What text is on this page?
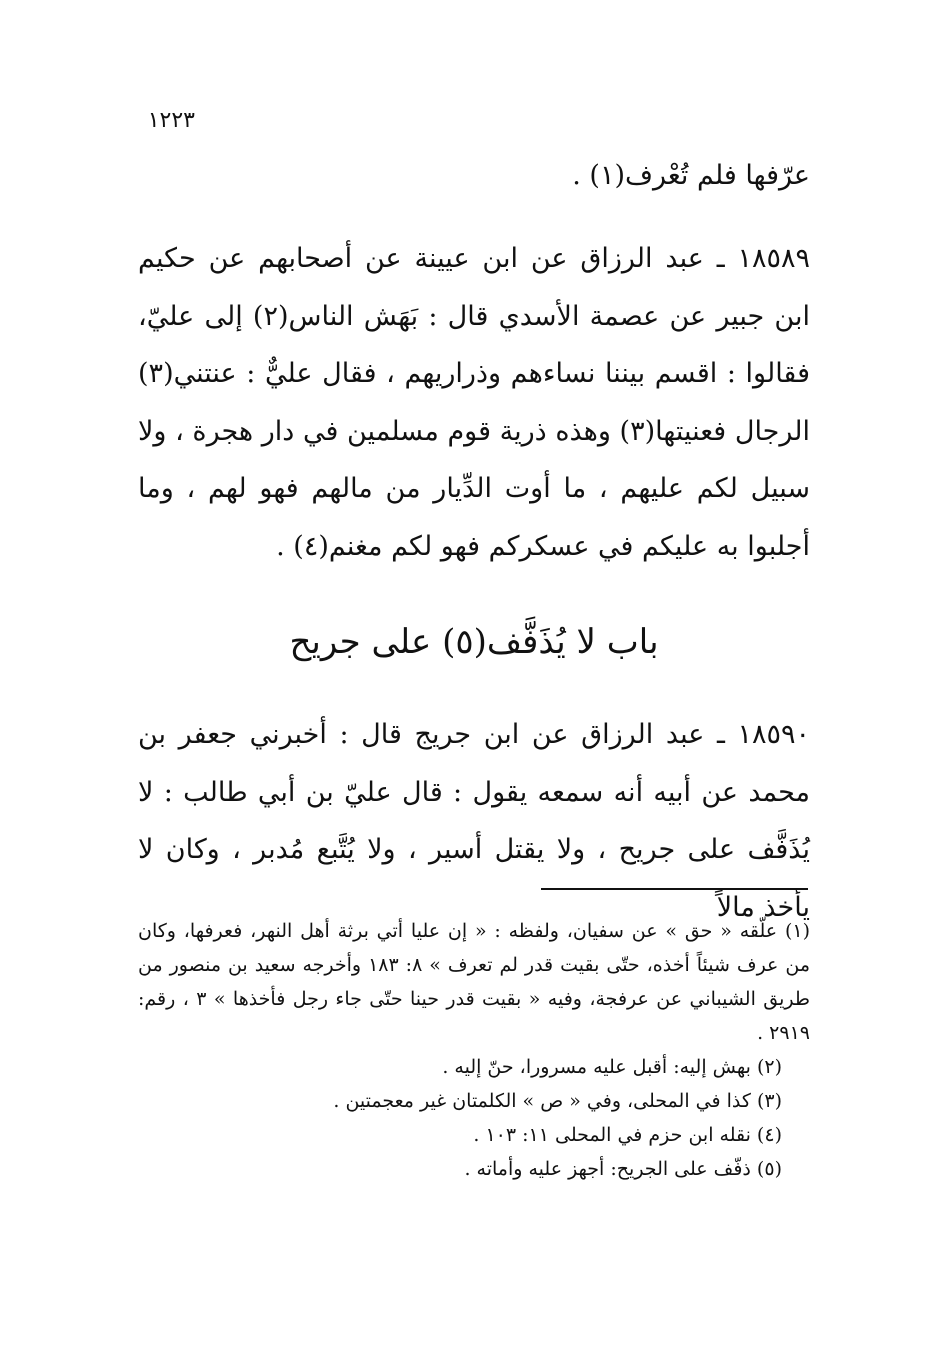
١٢٢٣

عرّفها فلم تُعْرف(١) .

١٨٥٨٩ ـ عبد الرزاق عن ابن عيينة عن أصحابهم عن حكيم ابن جبير عن عصمة الأسدي قال : بَهَش الناس(٢) إلى عليّ، فقالوا : اقسم بيننا نساءهم وذراريهم ، فقال عليٌّ : عنتني(٣) الرجال فعنيتها(٣) وهذه ذرية قوم مسلمين في دار هجرة ، ولا سبيل لكم عليهم ، ما أوت الدِّيار من مالهم فهو لهم ، وما أجلبوا به عليكم في عسكركم فهو لكم مغنم(٤) .

باب لا يُذَفَّف(٥) على جريح

١٨٥٩٠ ـ عبد الرزاق عن ابن جريج قال : أخبرني جعفر بن محمد عن أبيه أنه سمعه يقول : قال عليّ بن أبي طالب : لا يُذَفَّف على جريح ، ولا يقتل أسير ، ولا يُتَّبع مُدبر ، وكان لا يأخذ مالاً

(١) علّقه « حق » عن سفيان، ولفظه : « إن عليا أتي برثة أهل النهر، فعرفها، وكان من عرف شيئاً أخذه، حتّى بقيت قدر لم تعرف » ٨: ١٨٣ وأخرجه سعيد بن منصور من طريق الشيباني عن عرفجة، وفيه « بقيت قدر حينا حتّى جاء رجل فأخذها » ٣ ، رقم: ٢٩١٩ .

(٢) بهش إليه: أقبل عليه مسرورا، حنّ إليه .

(٣) كذا في المحلى، وفي « ص » الكلمتان غير معجمتين .

(٤) نقله ابن حزم في المحلى ١١: ١٠٣ .

(٥) ذفّف على الجريح: أجهز عليه وأماته .
